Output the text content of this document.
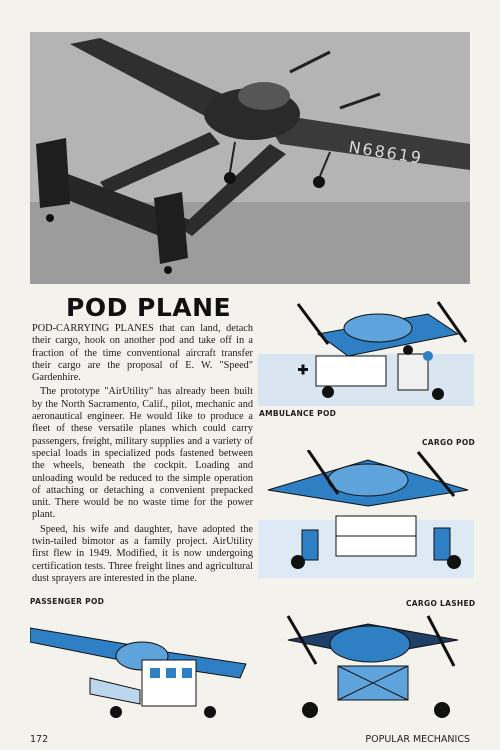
N68619
POD PLANE

POD-CARRYING PLANES that can land, detach their cargo, hook on another pod and take off in a fraction of the time conventional aircraft transfer their cargo are the proposal of E. W. "Speed" Gardenhire.

The prototype "AirUtility" has already been built by the North Sacramento, Calif., pilot, mechanic and aeronautical engineer. He would like to produce a fleet of these versatile planes which could carry passengers, freight, military supplies and a variety of special loads in specialized pods fastened between the wheels, beneath the cockpit. Loading and unloading would be reduced to the simple operation of attaching or detaching a convenient prepacked unit. There would be no waste time for the power plant.

Speed, his wife and daughter, have adopted the twin-tailed bimotor as a family project. AirUtility first flew in 1949. Modified, it is now undergoing certification tests. Three freight lines and agricultural dust sprayers are interested in the plane.

AMBULANCE POD
CARGO POD
PASSENGER POD	CARGO LASHED
172	POPULAR MECHANICS
